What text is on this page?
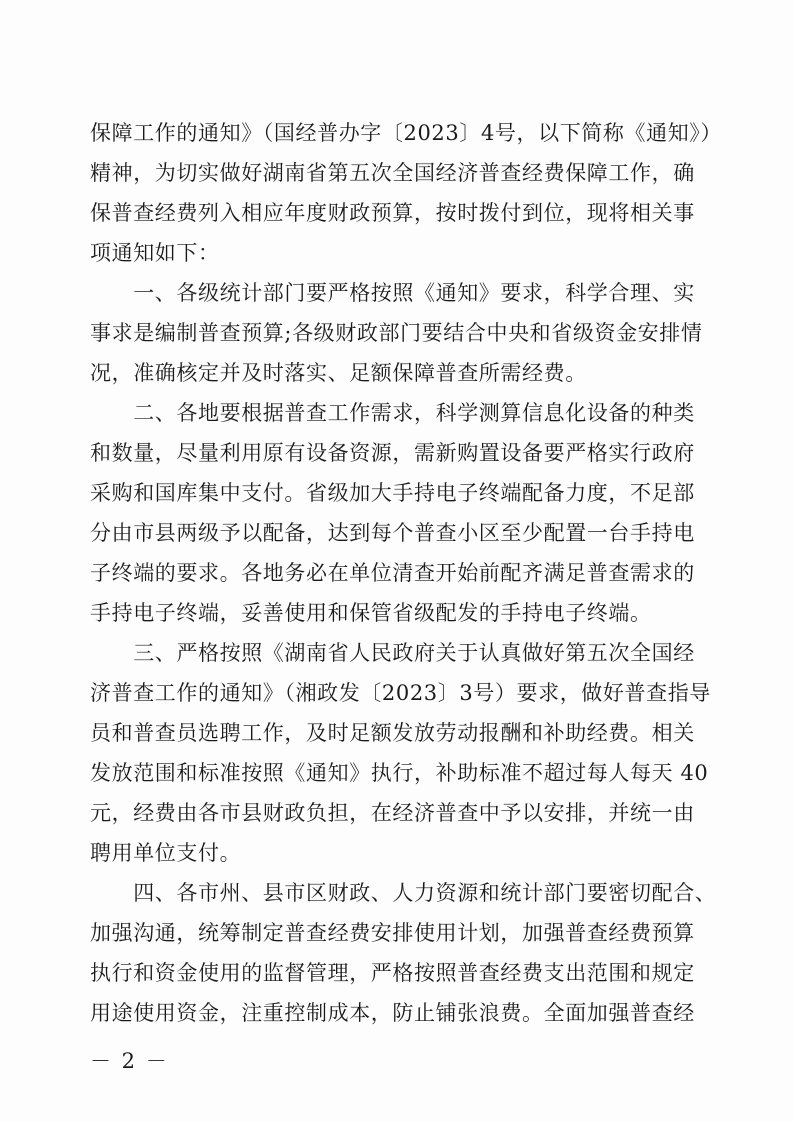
保障工作的通知》（国经普办字〔2023〕4号，以下简称《通知》）
精神，为切实做好湖南省第五次全国经济普查经费保障工作，确
保普查经费列入相应年度财政预算，按时拨付到位，现将相关事
项通知如下：
　　一、各级统计部门要严格按照《通知》要求，科学合理、实
事求是编制普查预算;各级财政部门要结合中央和省级资金安排情
况，准确核定并及时落实、足额保障普查所需经费。
　　二、各地要根据普查工作需求，科学测算信息化设备的种类
和数量，尽量利用原有设备资源，需新购置设备要严格实行政府
采购和国库集中支付。省级加大手持电子终端配备力度，不足部
分由市县两级予以配备，达到每个普查小区至少配置一台手持电
子终端的要求。各地务必在单位清查开始前配齐满足普查需求的
手持电子终端，妥善使用和保管省级配发的手持电子终端。
　　三、严格按照《湖南省人民政府关于认真做好第五次全国经
济普查工作的通知》（湘政发〔2023〕3号）要求，做好普查指导
员和普查员选聘工作，及时足额发放劳动报酬和补助经费。相关
发放范围和标准按照《通知》执行，补助标准不超过每人每天 40
元，经费由各市县财政负担，在经济普查中予以安排，并统一由
聘用单位支付。
　　四、各市州、县市区财政、人力资源和统计部门要密切配合、
加强沟通，统筹制定普查经费安排使用计划，加强普查经费预算
执行和资金使用的监督管理，严格按照普查经费支出范围和规定
用途使用资金，注重控制成本，防止铺张浪费。全面加强普查经
－ 2 －
